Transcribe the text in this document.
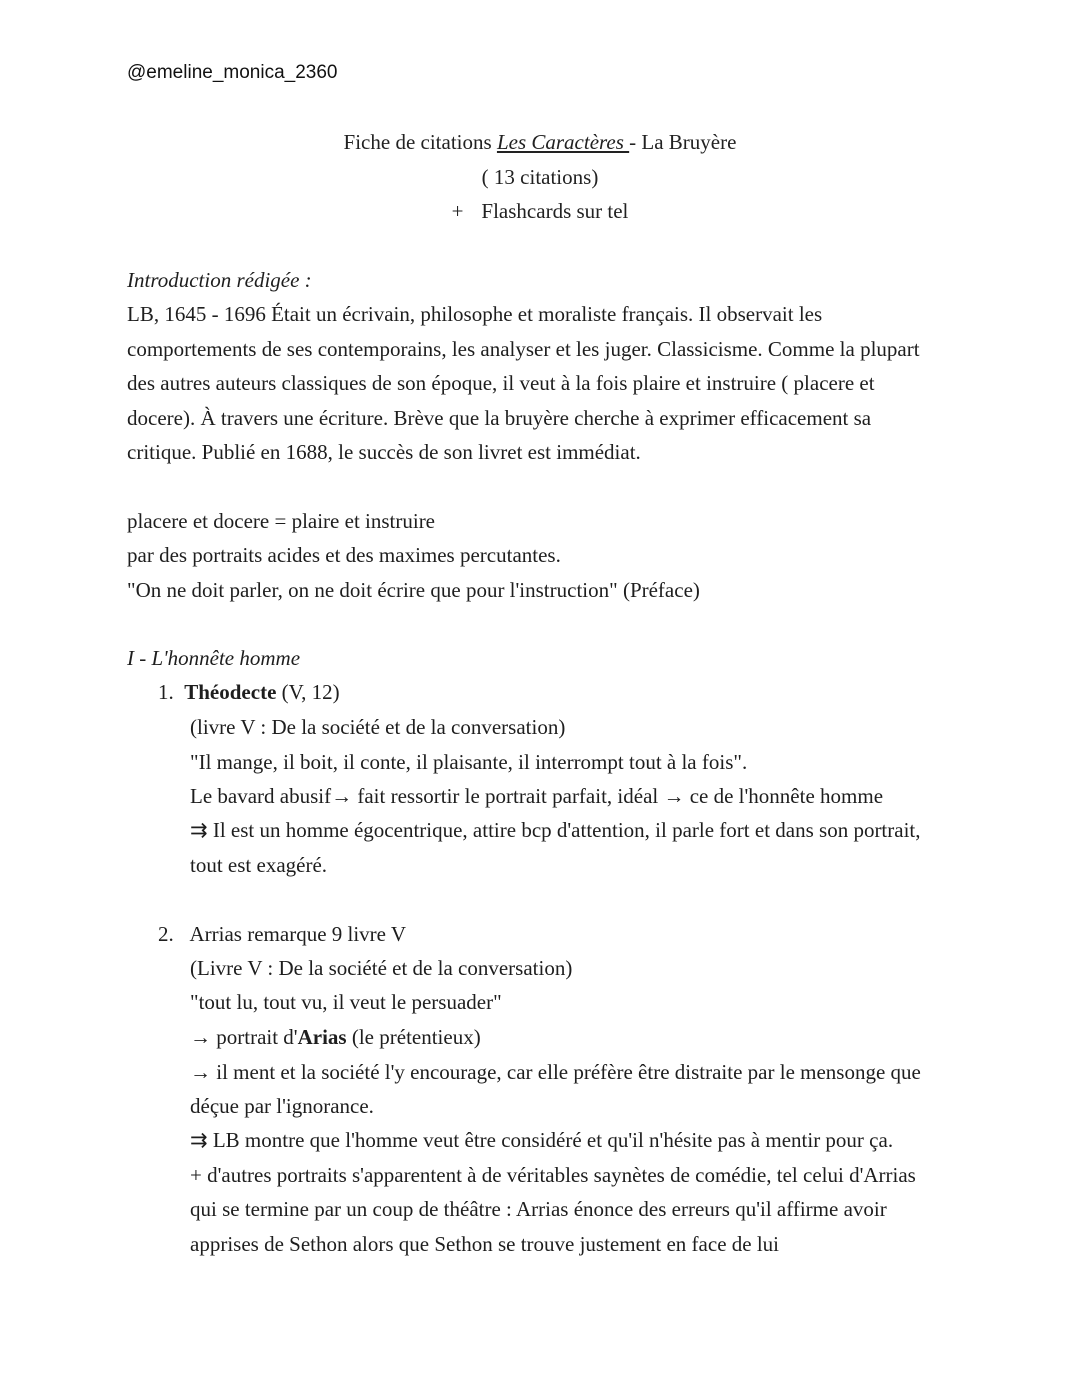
@emeline_monica_2360
Fiche de citations Les Caractères - La Bruyère
( 13 citations)
+ Flashcards sur tel
Introduction rédigée :
LB, 1645 - 1696 Était un écrivain, philosophe et moraliste français. Il observait les
comportements de ses contemporains, les analyser et les juger. Classicisme. Comme la plupart
des autres auteurs classiques de son époque, il veut à la fois plaire et instruire ( placere et
docere). À travers une écriture. Brève que la bruyère cherche à exprimer efficacement sa
critique. Publié en 1688, le succès de son livret est immédiat.
placere et docere = plaire et instruire
par des portraits acides et des maximes percutantes.
"On ne doit parler, on ne doit écrire que pour l'instruction" (Préface)
I - L'honnête homme
1. Théodecte (V, 12)
(livre V : De la société et de la conversation)
"Il mange, il boit, il conte, il plaisante, il interrompt tout à la fois".
Le bavard abusif→ fait ressortir le portrait parfait, idéal → ce de l'honnête homme
⇉ Il est un homme égocentrique, attire bcp d'attention, il parle fort et dans son portrait,
tout est exagéré.
2. Arrias remarque 9 livre V
(Livre V : De la société et de la conversation)
"tout lu, tout vu, il veut le persuader"
→ portrait d'Arias (le prétentieux)
→ il ment et la société l'y encourage, car elle préfère être distraite par le mensonge que
déçue par l'ignorance.
⇉ LB montre que l'homme veut être considéré et qu'il n'hésite pas à mentir pour ça.
+ d'autres portraits s'apparentent à de véritables saynètes de comédie, tel celui d'Arrias
qui se termine par un coup de théâtre : Arrias énonce des erreurs qu'il affirme avoir
apprises de Sethon alors que Sethon se trouve justement en face de lui
